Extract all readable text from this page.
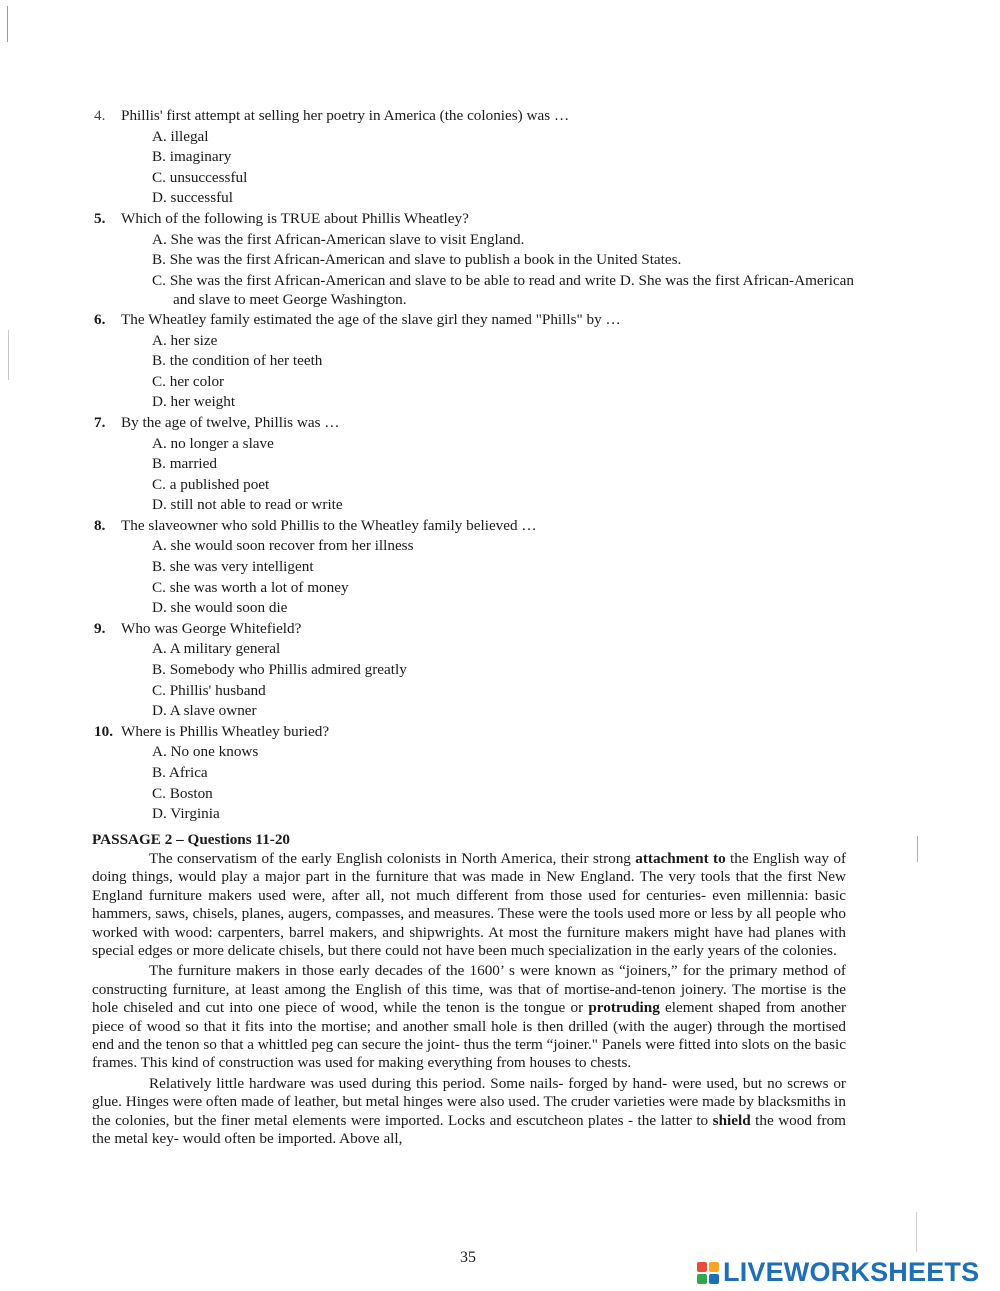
4. Phillis' first attempt at selling her poetry in America (the colonies) was …
A. illegal
B. imaginary
C. unsuccessful
D. successful
5. Which of the following is TRUE about Phillis Wheatley?
A. She was the first African-American slave to visit England.
B. She was the first African-American and slave to publish a book in the United States.
C. She was the first African-American and slave to be able to read and write D. She was the first African-American and slave to meet George Washington.
6. The Wheatley family estimated the age of the slave girl they named "Phills" by …
A. her size
B. the condition of her teeth
C. her color
D. her weight
7. By the age of twelve, Phillis was …
A. no longer a slave
B. married
C. a published poet
D. still not able to read or write
8. The slaveowner who sold Phillis to the Wheatley family believed …
A. she would soon recover from her illness
B. she was very intelligent
C. she was worth a lot of money
D. she would soon die
9. Who was George Whitefield?
A. A military general
B. Somebody who Phillis admired greatly
C. Phillis' husband
D. A slave owner
10. Where is Phillis Wheatley buried?
A. No one knows
B. Africa
C. Boston
D. Virginia
PASSAGE 2 – Questions 11-20

The conservatism of the early English colonists in North America, their strong attachment to the English way of doing things, would play a major part in the furniture that was made in New England. The very tools that the first New England furniture makers used were, after all, not much different from those used for centuries- even millennia: basic hammers, saws, chisels, planes, augers, compasses, and measures. These were the tools used more or less by all people who worked with wood: carpenters, barrel makers, and shipwrights. At most the furniture makers might have had planes with special edges or more delicate chisels, but there could not have been much specialization in the early years of the colonies.

The furniture makers in those early decades of the 1600’ s were known as “joiners,” for the primary method of constructing furniture, at least among the English of this time, was that of mortise-and-tenon joinery. The mortise is the hole chiseled and cut into one piece of wood, while the tenon is the tongue or protruding element shaped from another piece of wood so that it fits into the mortise; and another small hole is then drilled (with the auger) through the mortised end and the tenon so that a whittled peg can secure the joint- thus the term “joiner." Panels were fitted into slots on the basic frames. This kind of construction was used for making everything from houses to chests.

Relatively little hardware was used during this period. Some nails- forged by hand- were used, but no screws or glue. Hinges were often made of leather, but metal hinges were also used. The cruder varieties were made by blacksmiths in the colonies, but the finer metal elements were imported. Locks and escutcheon plates - the latter to shield the wood from the metal key- would often be imported. Above all,

35	LIVEWORKSHEETS
